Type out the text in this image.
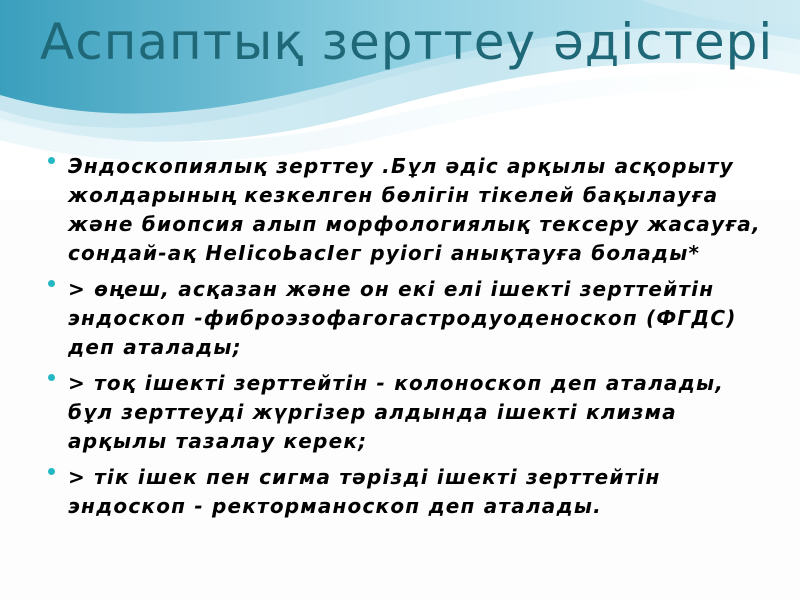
Аспаптық зерттеу әдістері
Эндоскопиялық зерттеу .Бұл әдіс арқылы асқорыту жолдарының кезкелген бөлігін тікелей бақылауға және биопсия алып морфологиялық тексеру жасауға, сондай-ақ НеІісоЬасІег руіогі анықтауға болады*
> өңеш, асқазан және он екі елі ішекті зерттейтін эндоскоп -фиброэзофагогастродуоденоскоп (ФГДС) деп аталады;
> тоқ ішекті зерттейтін - колоноскоп деп аталады, бұл зерттеуді жүргізер алдында ішекті клизма арқылы тазалау керек;
> тік ішек пен сигма тәрізді ішекті зерттейтін эндоскоп - ректорманоскоп деп аталады.
